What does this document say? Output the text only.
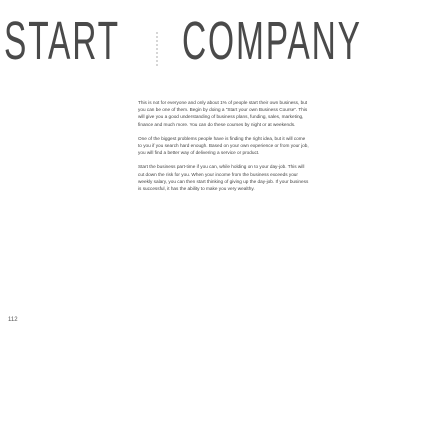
START COMPANY

This is not for everyone and only about 1% of people start their own business, but you can be one of them. Begin by doing a “Start your own Business Course”. This will give you a good understanding of business plans, funding, sales, marketing, finance and much more. You can do these courses by night or at weekends.

One of the biggest problems people have is finding the right idea, but it will come to you if you search hard enough. Based on your own experience or from your job, you will find a better way of delivering a service or product.

Start the business part-time if you can, while holding on to your day-job. This will cut down the risk for you. When your income from the business exceeds your weekly salary, you can then start thinking of giving up the day-job. If your business is successful, it has the ability to make you very wealthy.

112
